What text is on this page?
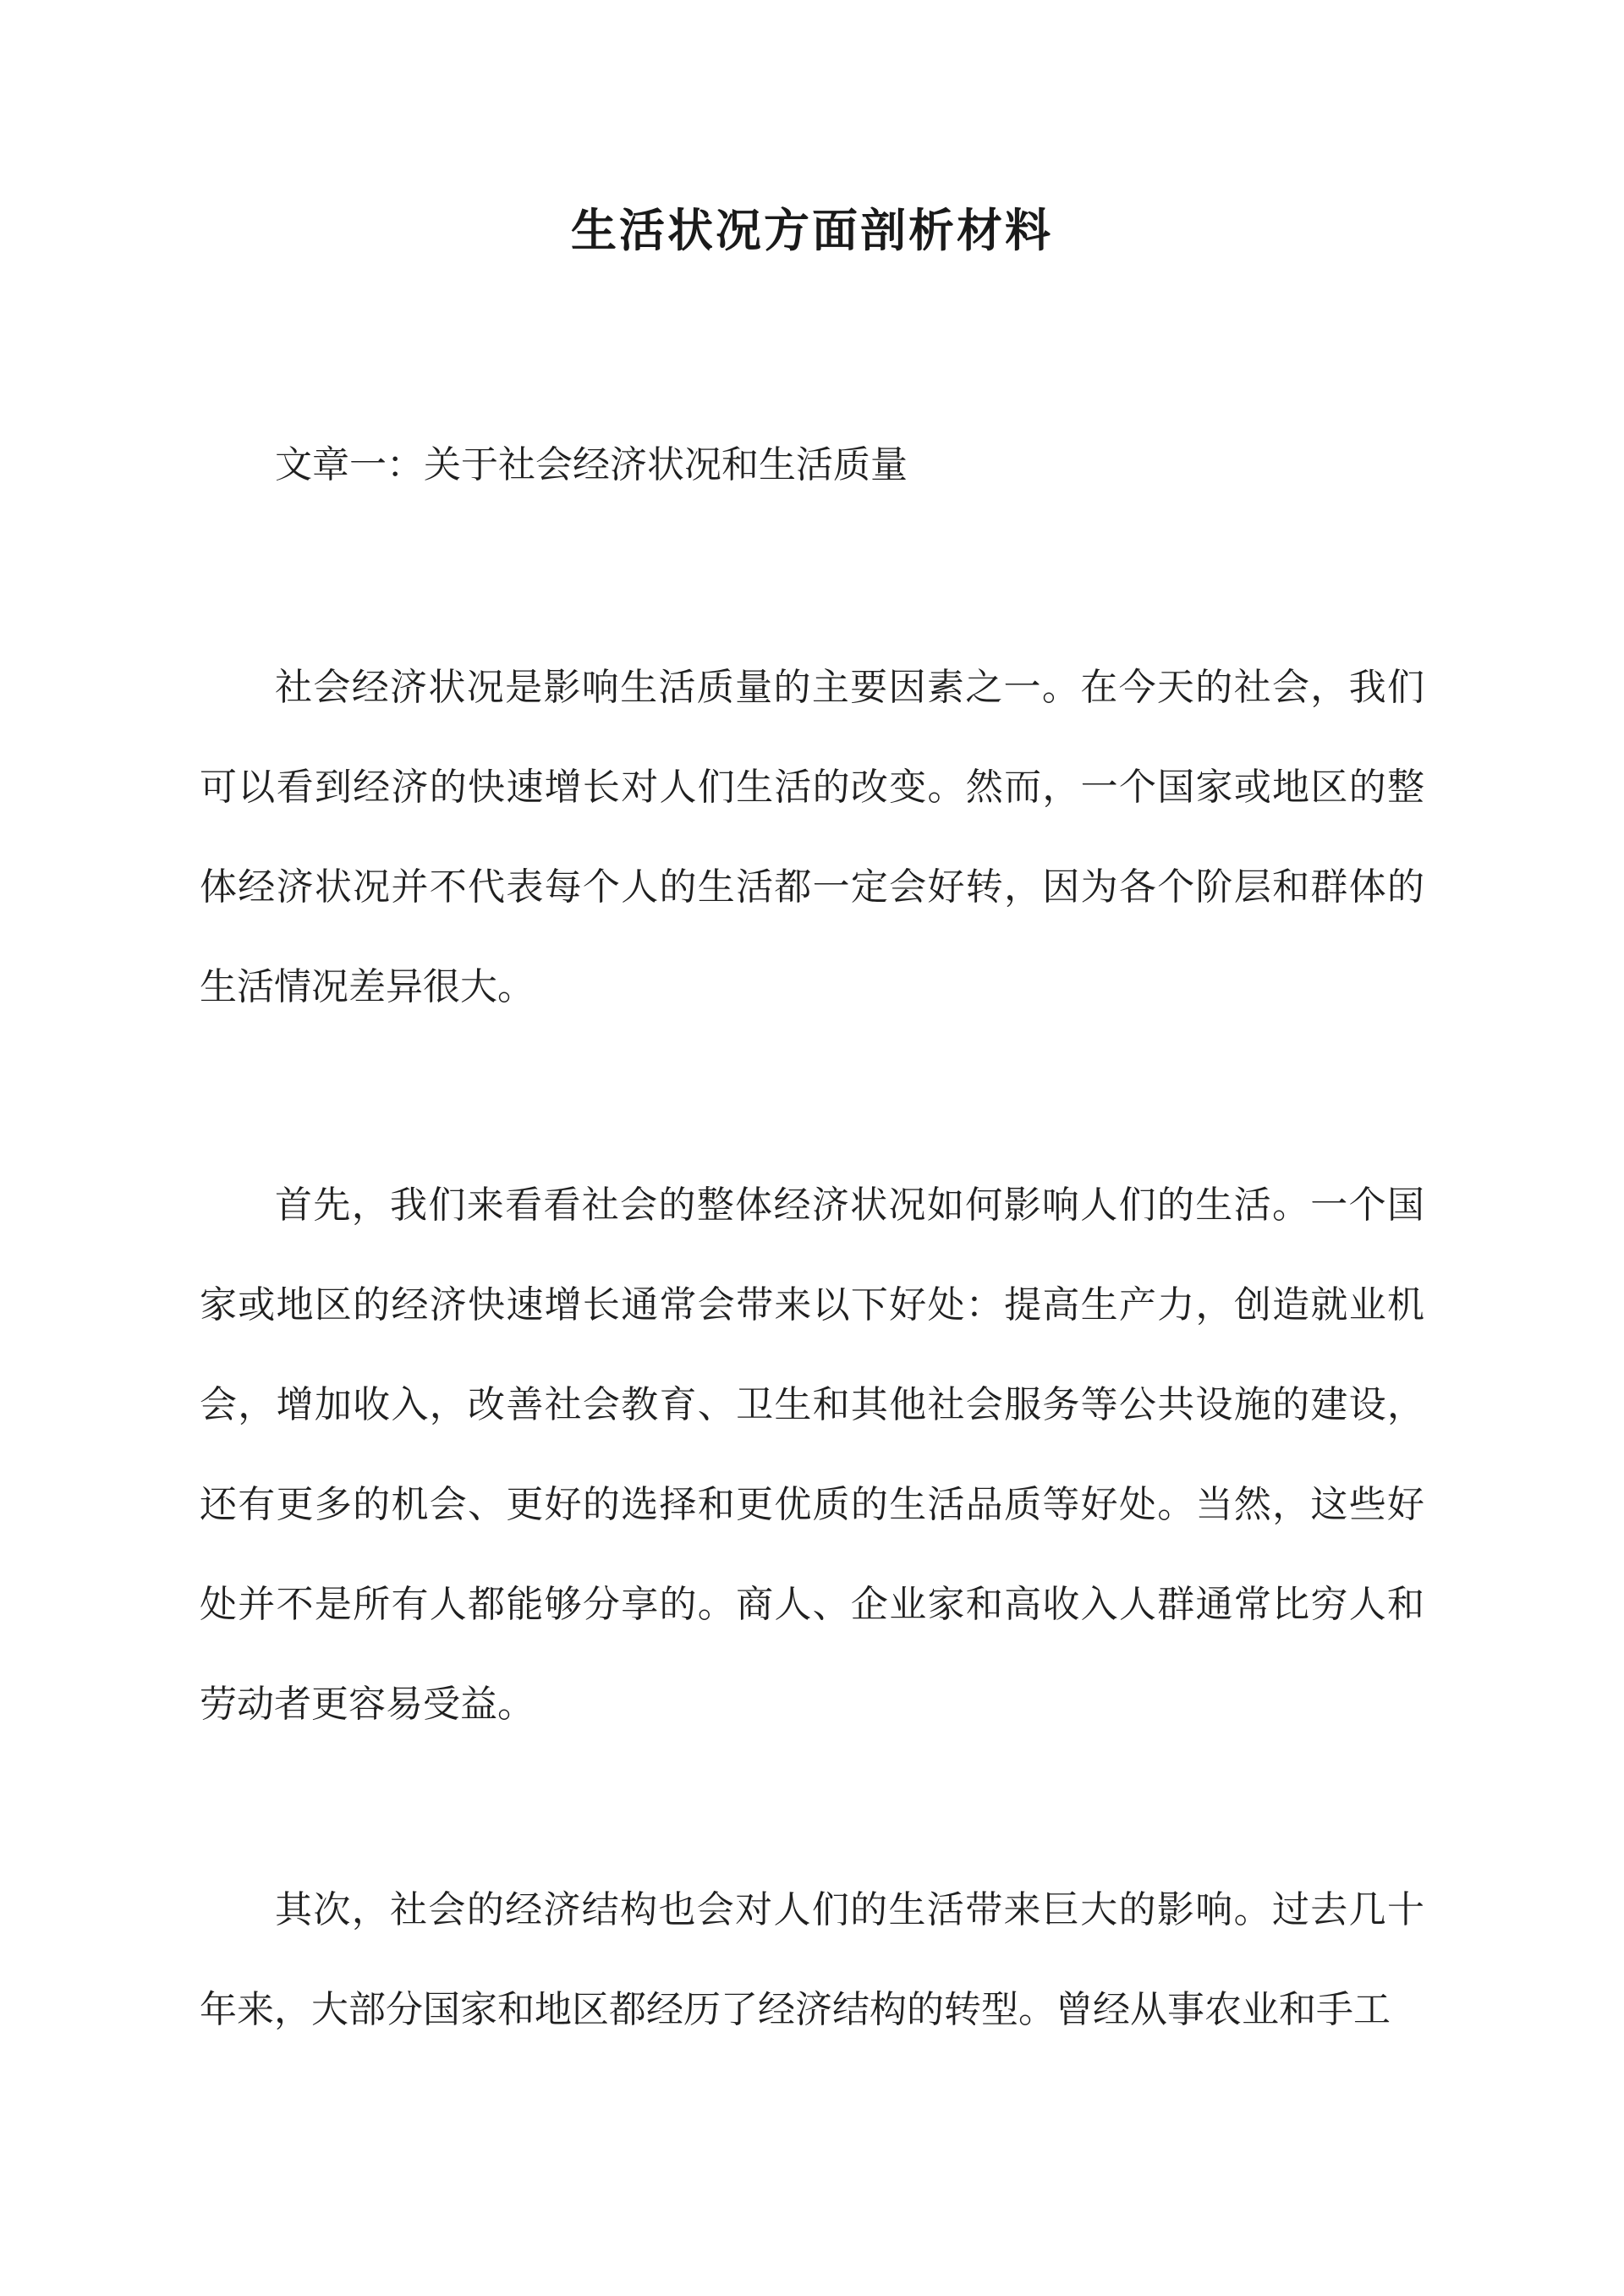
生活状况方面剖析材料

文章一：关于社会经济状况和生活质量

社会经济状况是影响生活质量的主要因素之一。在今天的社会，我们可以看到经济的快速增长对人们生活的改变。然而，一个国家或地区的整体经济状况并不代表每个人的生活都一定会好转，因为各个阶层和群体的生活情况差异很大。

首先，我们来看看社会的整体经济状况如何影响人们的生活。一个国家或地区的经济快速增长通常会带来以下好处：提高生产力，创造就业机会，增加收入，改善社会教育、卫生和其他社会服务等公共设施的建设，还有更多的机会、更好的选择和更优质的生活品质等好处。当然，这些好处并不是所有人都能够分享的。商人、企业家和高收入人群通常比穷人和劳动者更容易受益。

其次，社会的经济结构也会对人们的生活带来巨大的影响。过去几十年来，大部分国家和地区都经历了经济结构的转型。曾经从事农业和手工
